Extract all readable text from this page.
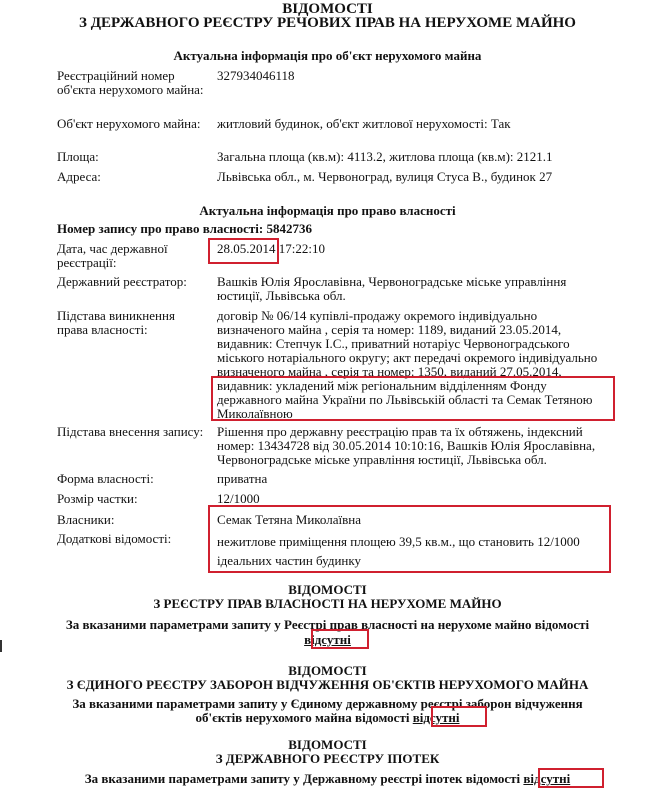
ВІДОМОСТІ
З ДЕРЖАВНОГО РЕЄСТРУ РЕЧОВИХ ПРАВ НА НЕРУХОМЕ МАЙНО
Актуальна інформація про об'єкт нерухомого майна
Реєстраційний номер об'єкта нерухомого майна:
327934046118
Об'єкт нерухомого майна:	житловий будинок, об'єкт житлової нерухомості: Так
Площа:	Загальна площа (кв.м): 4113.2, житлова площа (кв.м): 2121.1
Адреса:	Львівська обл., м. Червоноград, вулиця Стуса В., будинок 27
Актуальна інформація про право власності
Номер запису про право власності: 5842736
Дата, час державної реєстрації:
28.05.2014 17:22:10
Державний реєстратор:	Вашків Юлія Ярославівна, Червоноградське міське управління юстиції, Львівська обл.
Підстава виникнення права власності:
договір № 06/14 купівлі-продажу окремого індивідуально визначеного майна , серія та номер: 1189, виданий 23.05.2014, видавник: Степчук І.С., приватний нотаріус Червоноградського міського нотаріального округу; акт передачі окремого індивідуально визначеного майна , серія та номер: 1350, виданий 27.05.2014,
видавник: укладений між регіональним відділенням Фонду державного майна України по Львівській області та Семак Тетяною Миколаївною
Підстава внесення запису: Рішення про державну реєстрацію прав та їх обтяжень, індексний номер: 13434728 від 30.05.2014 10:10:16, Вашків Юлія Ярославівна, Червоноградське міське управління юстиції, Львівська обл.
Форма власності:	приватна
Розмір частки:	12/1000
Власники:	Семак Тетяна Миколаївна
Додаткові відомості:	нежитлове приміщення площею 39,5 кв.м., що становить 12/1000 ідеальних частин будинку
ВІДОМОСТІ
З РЕЄСТРУ ПРАВ ВЛАСНОСТІ НА НЕРУХОМЕ МАЙНО
За вказаними параметрами запиту у Реєстрі прав власності на нерухоме майно відомості
відсутні
ВІДОМОСТІ
З ЄДИНОГО РЕЄСТРУ ЗАБОРОН ВІДЧУЖЕННЯ ОБ'ЄКТІВ НЕРУХОМОГО МАЙНА
За вказаними параметрами запиту у Єдиному державному реєстрі заборон відчуження
об'єктів нерухомого майна відомості відсутні
ВІДОМОСТІ
З ДЕРЖАВНОГО РЕЄСТРУ ІПОТЕК
За вказаними параметрами запиту у Державному реєстрі іпотек відомості відсутні
